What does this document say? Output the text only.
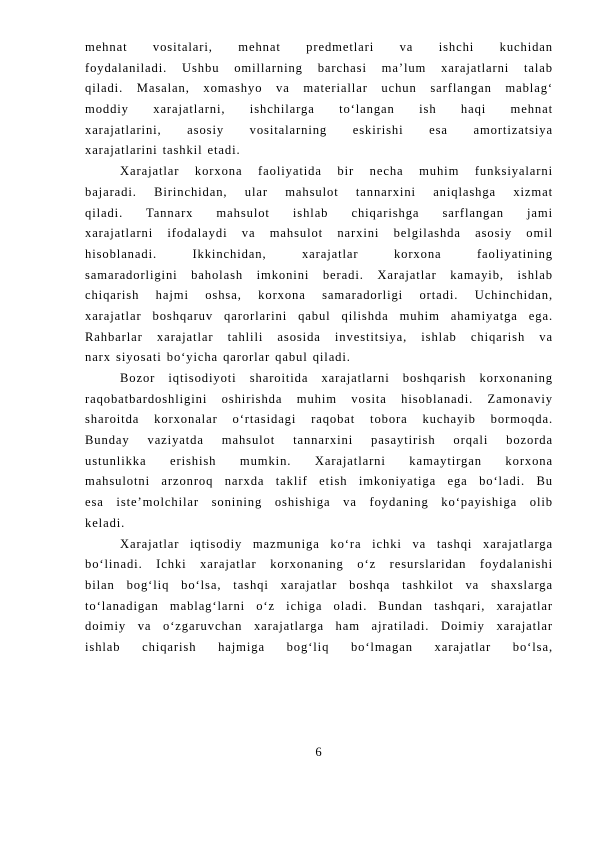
mehnat vositalari, mehnat predmetlari va ishchi kuchidan
foydalaniladi. Ushbu omillarning barchasi ma’lum xarajatlarni talab
qiladi. Masalan, xomashyo va materiallar uchun sarflangan mablag‘
moddiy xarajatlarni, ishchilarga to‘langan ish haqi mehnat
xarajatlarini, asosiy vositalarning eskirishi esa amortizatsiya
xarajatlarini tashkil etadi.
Xarajatlar korxona faoliyatida bir necha muhim funksiyalarni
bajaradi. Birinchidan, ular mahsulot tannarxini aniqlashga xizmat
qiladi. Tannarx mahsulot ishlab chiqarishga sarflangan jami
xarajatlarni ifodalaydi va mahsulot narxini belgilashda asosiy omil
hisoblanadi. Ikkinchidan, xarajatlar korxona faoliyatining
samaradorligini baholash imkonini beradi. Xarajatlar kamayib, ishlab
chiqarish hajmi oshsa, korxona samaradorligi ortadi. Uchinchidan,
xarajatlar boshqaruv qarorlarini qabul qilishda muhim ahamiyatga ega.
Rahbarlar xarajatlar tahlili asosida investitsiya, ishlab chiqarish va
narx siyosati bo‘yicha qarorlar qabul qiladi.
Bozor iqtisodiyoti sharoitida xarajatlarni boshqarish korxonaning
raqobatbardoshligini oshirishda muhim vosita hisoblanadi. Zamonaviy
sharoitda korxonalar o‘rtasidagi raqobat tobora kuchayib bormoqda.
Bunday vaziyatda mahsulot tannarxini pasaytirish orqali bozorda
ustunlikka erishish mumkin. Xarajatlarni kamaytirgan korxona
mahsulotni arzonroq narxda taklif etish imkoniyatiga ega bo‘ladi. Bu
esa iste’molchilar sonining oshishiga va foydaning ko‘payishiga olib
keladi.
Xarajatlar iqtisodiy mazmuniga ko‘ra ichki va tashqi xarajatlarga
bo‘linadi. Ichki xarajatlar korxonaning o‘z resurslaridan foydalanishi
bilan bog‘liq bo‘lsa, tashqi xarajatlar boshqa tashkilot va shaxslarga
to‘lanadigan mablag‘larni o‘z ichiga oladi. Bundan tashqari, xarajatlar
doimiy va o‘zgaruvchan xarajatlarga ham ajratiladi. Doimiy xarajatlar
ishlab chiqarish hajmiga bog‘liq bo‘lmagan xarajatlar bo‘lsa,
6
